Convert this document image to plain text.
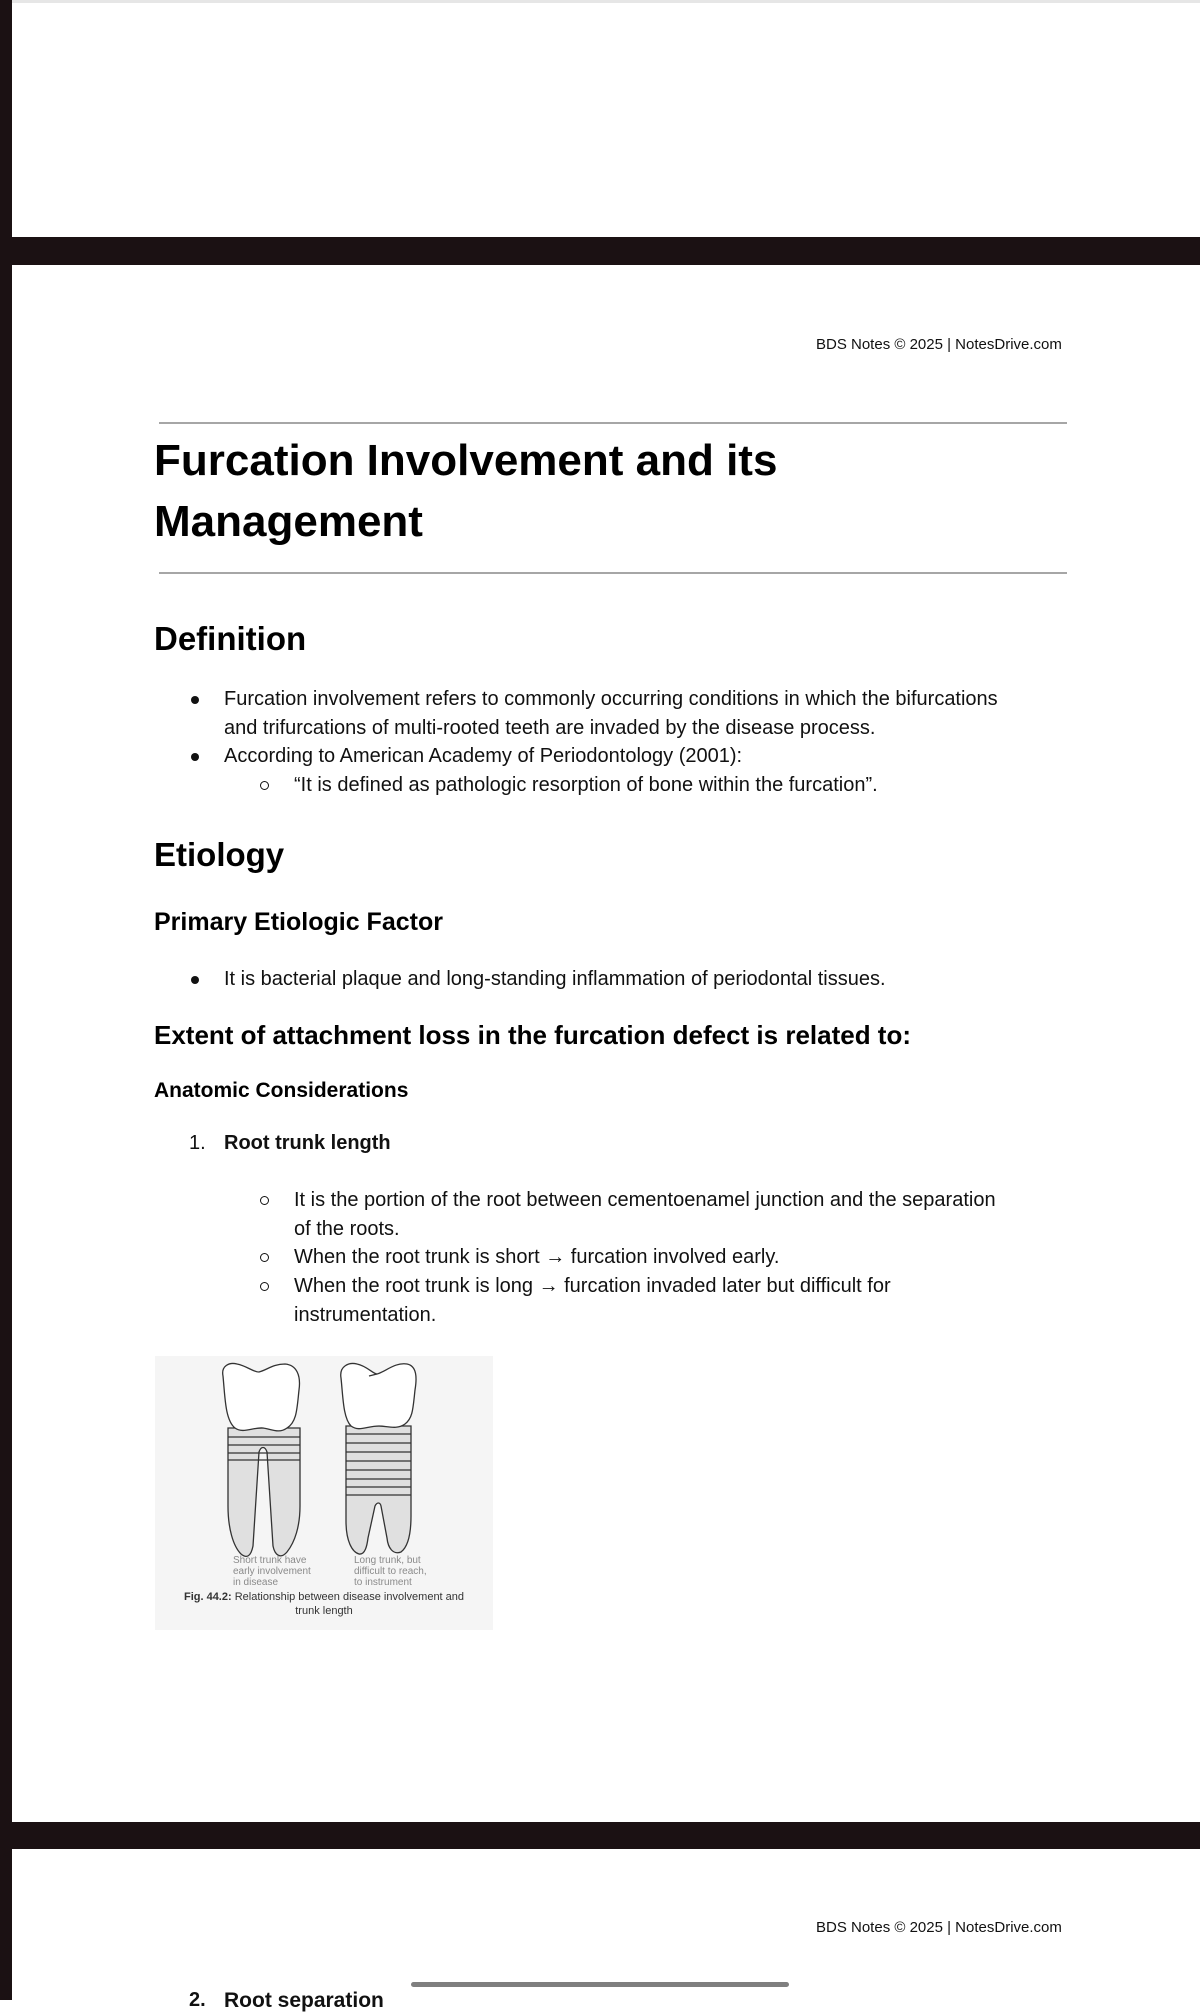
BDS Notes © 2025 | NotesDrive.com
Furcation Involvement and its
Management
Definition
Furcation involvement refers to commonly occurring conditions in which the bifurcations
and trifurcations of multi-rooted teeth are invaded by the disease process.
According to American Academy of Periodontology (2001):
“It is defined as pathologic resorption of bone within the furcation”.
Etiology
Primary Etiologic Factor
It is bacterial plaque and long-standing inflammation of periodontal tissues.
Extent of attachment loss in the furcation defect is related to:
Anatomic Considerations
1. Root trunk length
It is the portion of the root between cementoenamel junction and the separation
of the roots.
When the root trunk is short → furcation involved early.
When the root trunk is long → furcation invaded later but difficult for
instrumentation.
Short trunk have
early involvement
in disease
Long trunk, but
difficult to reach,
to instrument
Fig. 44.2: Relationship between disease involvement and
trunk length
BDS Notes © 2025 | NotesDrive.com
2. Root separation
